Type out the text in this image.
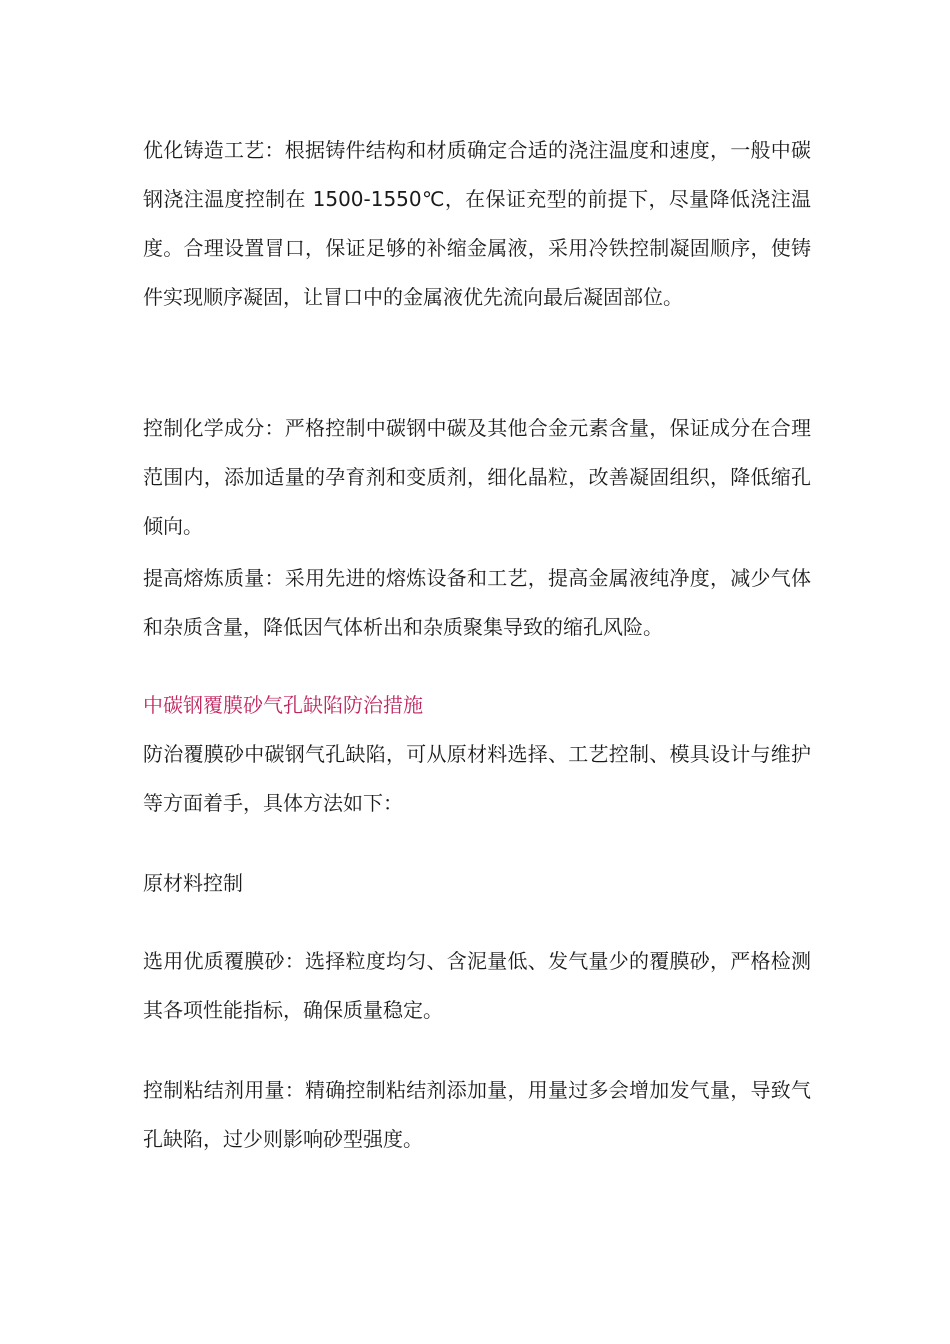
优化铸造工艺：根据铸件结构和材质确定合适的浇注温度和速度，一般中碳钢浇注温度控制在 1500-1550℃，在保证充型的前提下，尽量降低浇注温度。合理设置冒口，保证足够的补缩金属液，采用冷铁控制凝固顺序，使铸件实现顺序凝固，让冒口中的金属液优先流向最后凝固部位。

控制化学成分：严格控制中碳钢中碳及其他合金元素含量，保证成分在合理范围内，添加适量的孕育剂和变质剂，细化晶粒，改善凝固组织，降低缩孔倾向。

提高熔炼质量：采用先进的熔炼设备和工艺，提高金属液纯净度，减少气体和杂质含量，降低因气体析出和杂质聚集导致的缩孔风险。

中碳钢覆膜砂气孔缺陷防治措施

防治覆膜砂中碳钢气孔缺陷，可从原材料选择、工艺控制、模具设计与维护等方面着手，具体方法如下：

原材料控制

选用优质覆膜砂：选择粒度均匀、含泥量低、发气量少的覆膜砂，严格检测其各项性能指标，确保质量稳定。

控制粘结剂用量：精确控制粘结剂添加量，用量过多会增加发气量，导致气孔缺陷，过少则影响砂型强度。
